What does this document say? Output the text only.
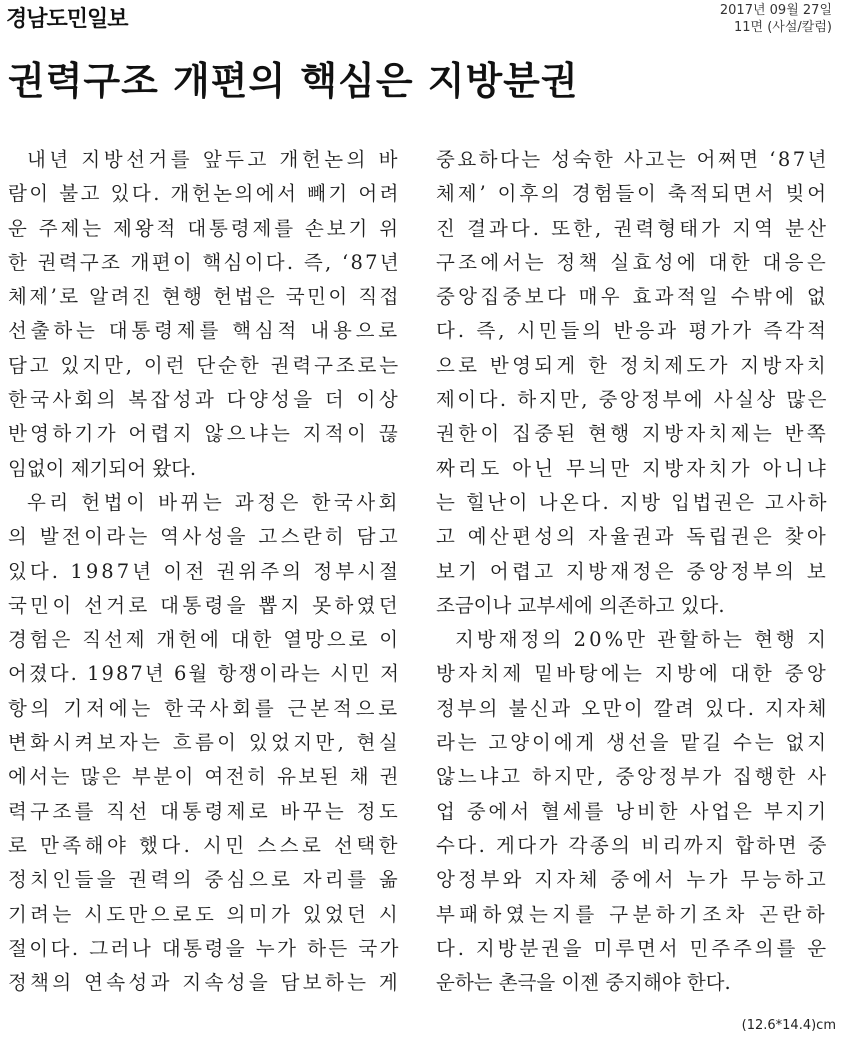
경남도민일보	2017년 09월 27일
11면 (사설/칼럼)
권력구조 개편의 핵심은 지방분권
내년 지방선거를 앞두고 개헌논의 바
람이 불고 있다. 개헌논의에서 빼기 어려
운 주제는 제왕적 대통령제를 손보기 위
한 권력구조 개편이 핵심이다. 즉, ‘87년
체제’로 알려진 현행 헌법은 국민이 직접
선출하는 대통령제를 핵심적 내용으로
담고 있지만, 이런 단순한 권력구조로는
한국사회의 복잡성과 다양성을 더 이상
반영하기가 어렵지 않으냐는 지적이 끊
임없이 제기되어 왔다.
우리 헌법이 바뀌는 과정은 한국사회
의 발전이라는 역사성을 고스란히 담고
있다. 1987년 이전 권위주의 정부시절
국민이 선거로 대통령을 뽑지 못하였던
경험은 직선제 개헌에 대한 열망으로 이
어졌다. 1987년 6월 항쟁이라는 시민 저
항의 기저에는 한국사회를 근본적으로
변화시켜보자는 흐름이 있었지만, 현실
에서는 많은 부분이 여전히 유보된 채 권
력구조를 직선 대통령제로 바꾸는 정도
로 만족해야 했다. 시민 스스로 선택한
정치인들을 권력의 중심으로 자리를 옮
기려는 시도만으로도 의미가 있었던 시
절이다. 그러나 대통령을 누가 하든 국가
정책의 연속성과 지속성을 담보하는 게
중요하다는 성숙한 사고는 어쩌면 ‘87년
체제’ 이후의 경험들이 축적되면서 빚어
진 결과다. 또한, 권력형태가 지역 분산
구조에서는 정책 실효성에 대한 대응은
중앙집중보다 매우 효과적일 수밖에 없
다. 즉, 시민들의 반응과 평가가 즉각적
으로 반영되게 한 정치제도가 지방자치
제이다. 하지만, 중앙정부에 사실상 많은
권한이 집중된 현행 지방자치제는 반쪽
짜리도 아닌 무늬만 지방자치가 아니냐
는 힐난이 나온다. 지방 입법권은 고사하
고 예산편성의 자율권과 독립권은 찾아
보기 어렵고 지방재정은 중앙정부의 보
조금이나 교부세에 의존하고 있다.
지방재정의 20%만 관할하는 현행 지
방자치제 밑바탕에는 지방에 대한 중앙
정부의 불신과 오만이 깔려 있다. 지자체
라는 고양이에게 생선을 맡길 수는 없지
않느냐고 하지만, 중앙정부가 집행한 사
업 중에서 혈세를 낭비한 사업은 부지기
수다. 게다가 각종의 비리까지 합하면 중
앙정부와 지자체 중에서 누가 무능하고
부패하였는지를 구분하기조차 곤란하
다. 지방분권을 미루면서 민주주의를 운
운하는 촌극을 이젠 중지해야 한다.
(12.6*14.4)cm
